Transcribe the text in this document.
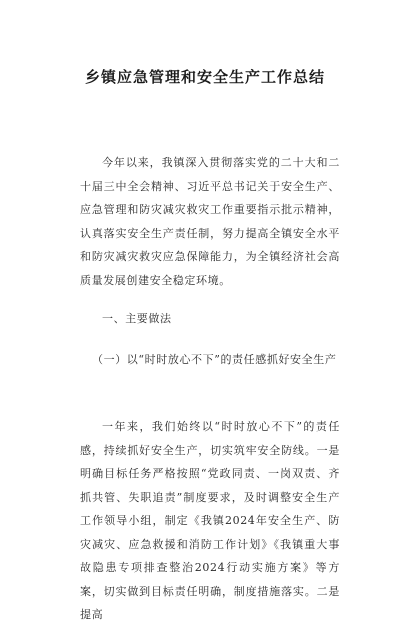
乡镇应急管理和安全生产工作总结

今年以来，我镇深入贯彻落实党的二十大和二十届三中全会精神、习近平总书记关于安全生产、应急管理和防灾减灾救灾工作重要指示批示精神，认真落实安全生产责任制，努力提高全镇安全水平和防灾减灾救灾应急保障能力，为全镇经济社会高质量发展创建安全稳定环境。

一、主要做法

（一）以“时时放心不下”的责任感抓好安全生产

一年来，我们始终以“时时放心不下”的责任感，持续抓好安全生产，切实筑牢安全防线。一是明确目标任务严格按照“党政同责、一岗双责、齐抓共管、失职追责”制度要求，及时调整安全生产工作领导小组，制定《我镇2024年安全生产、防灾减灾、应急救援和消防工作计划》《我镇重大事故隐患专项排查整治2024行动实施方案》等方案，切实做到目标责任明确，制度措施落实。二是提高
